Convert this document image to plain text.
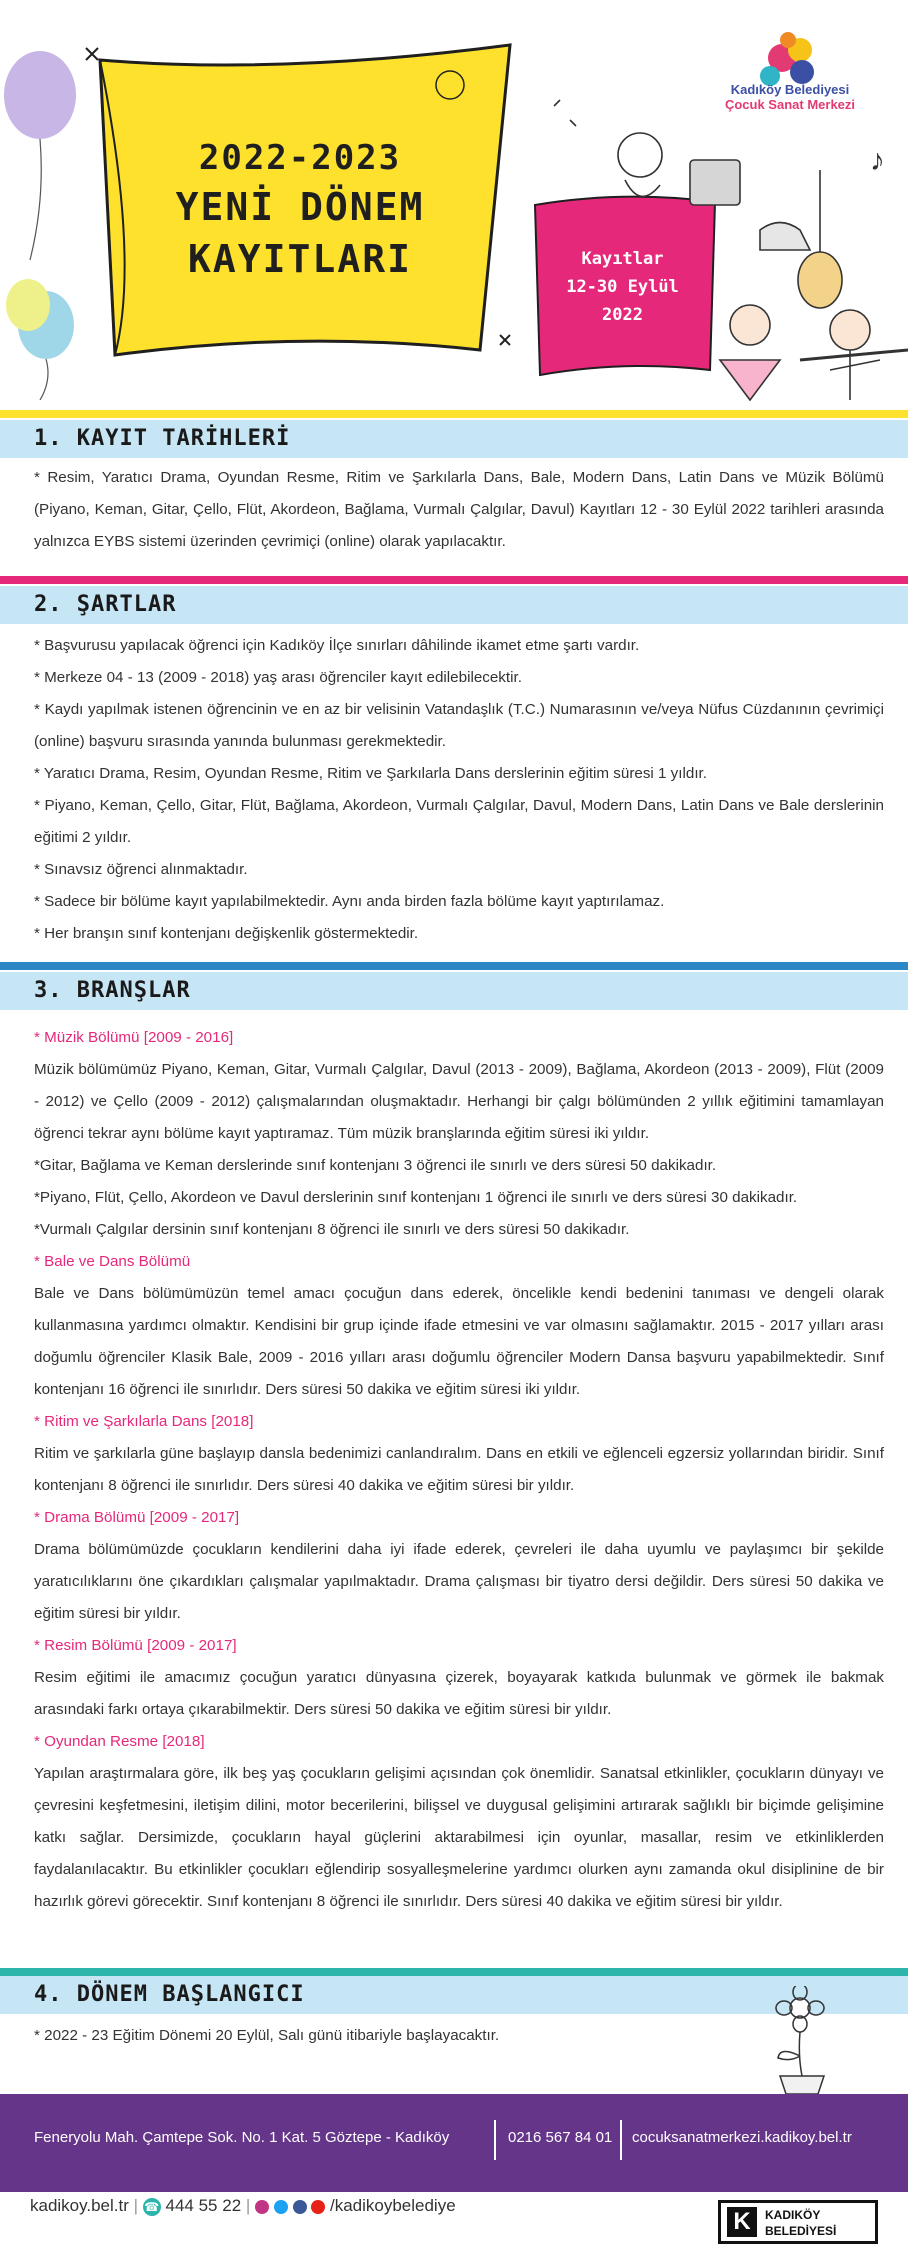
2022-2023
YENİ DÖNEM
KAYITLARI	Kayıtlar
12-30 Eylül
2022
Kadıköy Belediyesi
Çocuk Sanat Merkezi
♪
1. KAYIT TARİHLERİ

* Resim, Yaratıcı Drama, Oyundan Resme, Ritim ve Şarkılarla Dans, Bale, Modern Dans, Latin Dans ve Müzik Bölümü (Piyano, Keman, Gitar, Çello, Flüt, Akordeon, Bağlama, Vurmalı Çalgılar, Davul) Kayıtları 12 - 30 Eylül 2022 tarihleri arasında yalnızca EYBS sistemi üzerinden çevrimiçi (online) olarak yapılacaktır.

2. ŞARTLAR

* Başvurusu yapılacak öğrenci için Kadıköy İlçe sınırları dâhilinde ikamet etme şartı vardır.

* Merkeze 04 - 13 (2009 - 2018) yaş arası öğrenciler kayıt edilebilecektir.

* Kaydı yapılmak istenen öğrencinin ve en az bir velisinin Vatandaşlık (T.C.) Numarasının ve/veya Nüfus Cüzdanının çevrimiçi (online) başvuru sırasında yanında bulunması gerekmektedir.

* Yaratıcı Drama, Resim, Oyundan Resme, Ritim ve Şarkılarla Dans derslerinin eğitim süresi 1 yıldır.

* Piyano, Keman, Çello, Gitar, Flüt, Bağlama, Akordeon, Vurmalı Çalgılar, Davul, Modern Dans, Latin Dans ve Bale derslerinin eğitimi 2 yıldır.

* Sınavsız öğrenci alınmaktadır.

* Sadece bir bölüme kayıt yapılabilmektedir. Aynı anda birden fazla bölüme kayıt yaptırılamaz.

* Her branşın sınıf kontenjanı değişkenlik göstermektedir.

3. BRANŞLAR

* Müzik Bölümü [2009 - 2016]

Müzik bölümümüz Piyano, Keman, Gitar, Vurmalı Çalgılar, Davul (2013 - 2009), Bağlama, Akordeon (2013 - 2009), Flüt (2009 - 2012) ve Çello (2009 - 2012) çalışmalarından oluşmaktadır. Herhangi bir çalgı bölümünden 2 yıllık eğitimini tamamlayan öğrenci tekrar aynı bölüme kayıt yaptıramaz. Tüm müzik branşlarında eğitim süresi iki yıldır.

*Gitar, Bağlama ve Keman derslerinde sınıf kontenjanı 3 öğrenci ile sınırlı ve ders süresi 50 dakikadır.

*Piyano, Flüt, Çello, Akordeon ve Davul derslerinin sınıf kontenjanı 1 öğrenci ile sınırlı ve ders süresi 30 dakikadır.

*Vurmalı Çalgılar dersinin sınıf kontenjanı 8 öğrenci ile sınırlı ve ders süresi 50 dakikadır.

* Bale ve Dans Bölümü

Bale ve Dans bölümümüzün temel amacı çocuğun dans ederek, öncelikle kendi bedenini tanıması ve dengeli olarak kullanmasına yardımcı olmaktır. Kendisini bir grup içinde ifade etmesini ve var olmasını sağlamaktır. 2015 - 2017 yılları arası doğumlu öğrenciler Klasik Bale, 2009 - 2016 yılları arası doğumlu öğrenciler Modern Dansa başvuru yapabilmektedir. Sınıf kontenjanı 16 öğrenci ile sınırlıdır. Ders süresi 50 dakika ve eğitim süresi iki yıldır.

* Ritim ve Şarkılarla Dans [2018]

Ritim ve şarkılarla güne başlayıp dansla bedenimizi canlandıralım. Dans en etkili ve eğlenceli egzersiz yollarından biridir. Sınıf kontenjanı 8 öğrenci ile sınırlıdır. Ders süresi 40 dakika ve eğitim süresi bir yıldır.

* Drama Bölümü [2009 - 2017]

Drama bölümümüzde çocukların kendilerini daha iyi ifade ederek, çevreleri ile daha uyumlu ve paylaşımcı bir şekilde yaratıcılıklarını öne çıkardıkları çalışmalar yapılmaktadır. Drama çalışması bir tiyatro dersi değildir. Ders süresi 50 dakika ve eğitim süresi bir yıldır.

* Resim Bölümü [2009 - 2017]

Resim eğitimi ile amacımız çocuğun yaratıcı dünyasına çizerek, boyayarak katkıda bulunmak ve görmek ile bakmak arasındaki farkı ortaya çıkarabilmektir. Ders süresi 50 dakika ve eğitim süresi bir yıldır.

* Oyundan Resme [2018]

Yapılan araştırmalara göre, ilk beş yaş çocukların gelişimi açısından çok önemlidir. Sanatsal etkinlikler, çocukların dünyayı ve çevresini keşfetmesini, iletişim dilini, motor becerilerini, bilişsel ve duygusal gelişimini artırarak sağlıklı bir biçimde gelişimine katkı sağlar. Dersimizde, çocukların hayal güçlerini aktarabilmesi için oyunlar, masallar, resim ve etkinliklerden faydalanılacaktır. Bu etkinlikler çocukları eğlendirip sosyalleşmelerine yardımcı olurken aynı zamanda okul disiplinine de bir hazırlık görevi görecektir. Sınıf kontenjanı 8 öğrenci ile sınırlıdır. Ders süresi 40 dakika ve eğitim süresi bir yıldır.

4. DÖNEM BAŞLANGICI

* 2022 - 23 Eğitim Dönemi 20 Eylül, Salı günü itibariyle başlayacaktır.

Feneryolu Mah. Çamtepe Sok. No. 1 Kat. 5 Göztepe - Kadıköy	0216 567 84 01 cocuksanatmerkezi.kadikoy.bel.tr
kadikoy.bel.tr | ☎ 444 55 22 |	/kadikoybelediye
K	KADIKÖY
BELEDİYESİ
